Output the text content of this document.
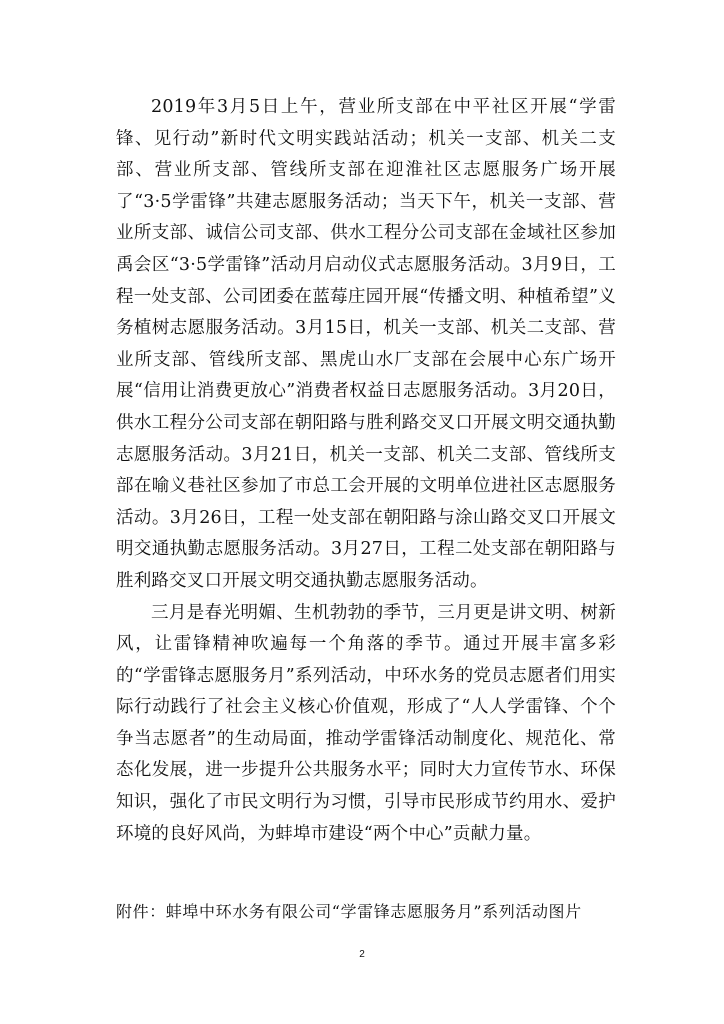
2019年3月5日上午，营业所支部在中平社区开展“学雷锋、见行动”新时代文明实践站活动；机关一支部、机关二支部、营业所支部、管线所支部在迎淮社区志愿服务广场开展了“3·5学雷锋”共建志愿服务活动；当天下午，机关一支部、营业所支部、诚信公司支部、供水工程分公司支部在金域社区参加禹会区“3·5学雷锋”活动月启动仪式志愿服务活动。3月9日，工程一处支部、公司团委在蓝莓庄园开展“传播文明、种植希望”义务植树志愿服务活动。3月15日，机关一支部、机关二支部、营业所支部、管线所支部、黑虎山水厂支部在会展中心东广场开展“信用让消费更放心”消费者权益日志愿服务活动。3月20日，供水工程分公司支部在朝阳路与胜利路交叉口开展文明交通执勤志愿服务活动。3月21日，机关一支部、机关二支部、管线所支部在喻义巷社区参加了市总工会开展的文明单位进社区志愿服务活动。3月26日，工程一处支部在朝阳路与涂山路交叉口开展文明交通执勤志愿服务活动。3月27日，工程二处支部在朝阳路与胜利路交叉口开展文明交通执勤志愿服务活动。

三月是春光明媚、生机勃勃的季节，三月更是讲文明、树新风，让雷锋精神吹遍每一个角落的季节。通过开展丰富多彩的“学雷锋志愿服务月”系列活动，中环水务的党员志愿者们用实际行动践行了社会主义核心价值观，形成了“人人学雷锋、个个争当志愿者”的生动局面，推动学雷锋活动制度化、规范化、常态化发展，进一步提升公共服务水平；同时大力宣传节水、环保知识，强化了市民文明行为习惯，引导市民形成节约用水、爱护环境的良好风尚，为蚌埠市建设“两个中心”贡献力量。

附件：蚌埠中环水务有限公司“学雷锋志愿服务月”系列活动图片

2
